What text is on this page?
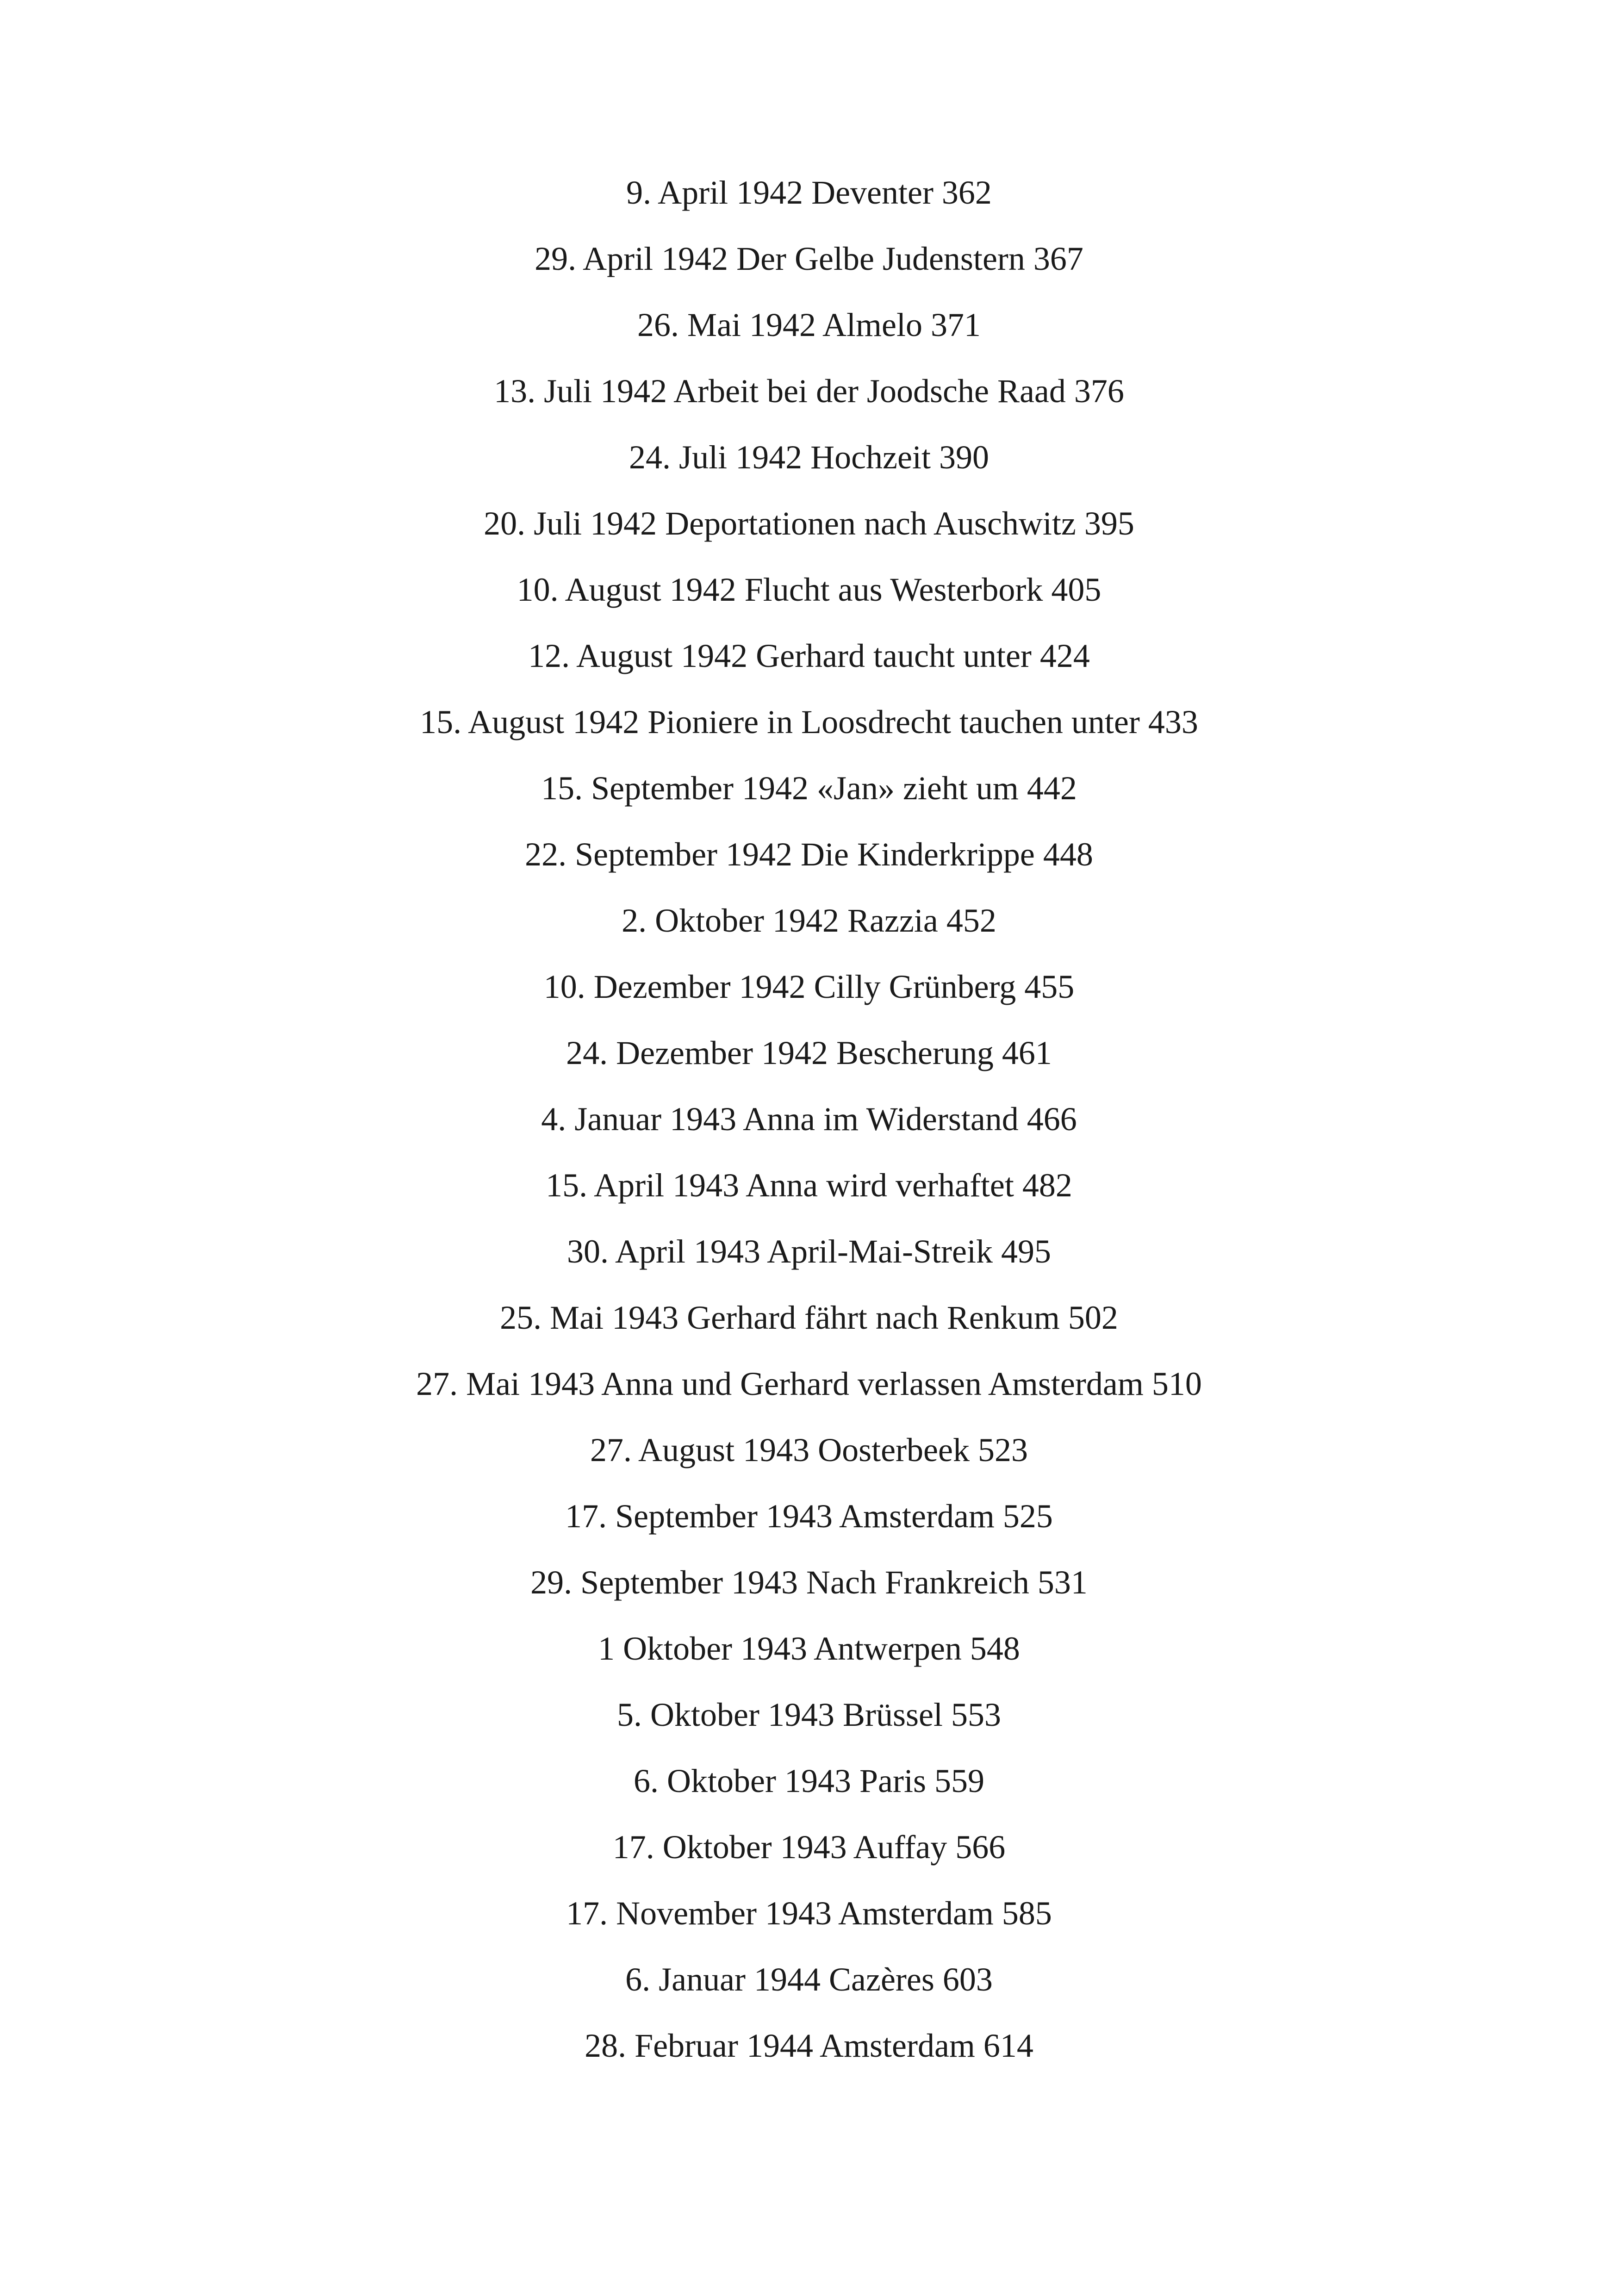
9. April 1942 Deventer 362
29. April 1942 Der Gelbe Judenstern 367
26. Mai 1942 Almelo 371
13. Juli 1942 Arbeit bei der Joodsche Raad 376
24. Juli 1942 Hochzeit 390
20. Juli 1942 Deportationen nach Auschwitz 395
10. August 1942 Flucht aus Westerbork 405
12. August 1942 Gerhard taucht unter 424
15. August 1942 Pioniere in Loosdrecht tauchen unter 433
15. September 1942 «Jan» zieht um 442
22. September 1942 Die Kinderkrippe 448
2. Oktober 1942 Razzia 452
10. Dezember 1942 Cilly Grünberg 455
24. Dezember 1942 Bescherung 461
4. Januar 1943 Anna im Widerstand 466
15. April 1943 Anna wird verhaftet 482
30. April 1943 April-Mai-Streik 495
25. Mai 1943 Gerhard fährt nach Renkum 502
27. Mai 1943 Anna und Gerhard verlassen Amsterdam 510
27. August 1943 Oosterbeek 523
17. September 1943 Amsterdam 525
29. September 1943 Nach Frankreich 531
1 Oktober 1943 Antwerpen 548
5. Oktober 1943 Brüssel 553
6. Oktober 1943 Paris 559
17. Oktober 1943 Auffay 566
17. November 1943 Amsterdam 585
6. Januar 1944 Cazères 603
28. Februar 1944 Amsterdam 614
